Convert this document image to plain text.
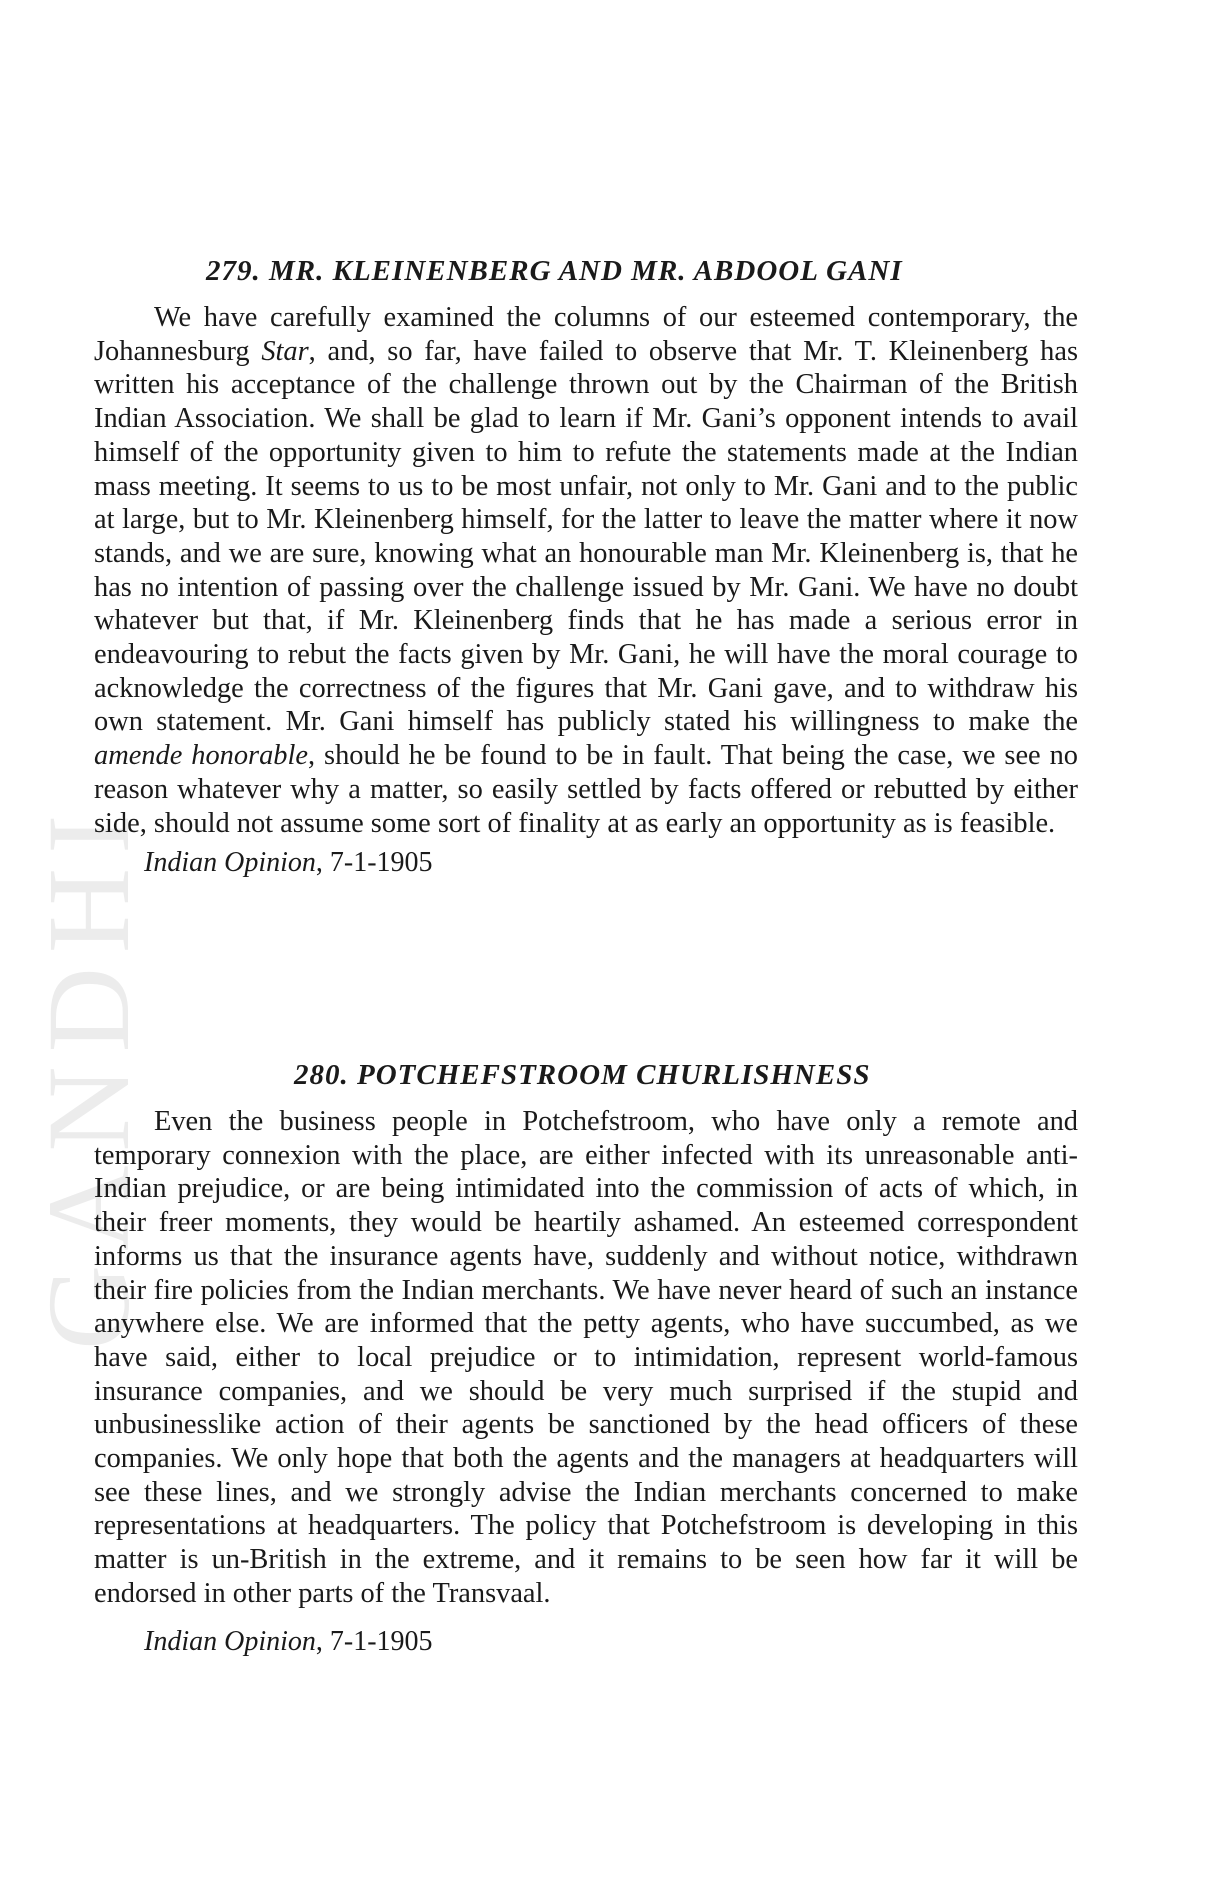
GANDHI
279. MR. KLEINENBERG AND MR. ABDOOL GANI

We have carefully examined the columns of our esteemed contemporary, the Johannesburg Star, and, so far, have failed to observe that Mr. T. Kleinenberg has written his acceptance of the challenge thrown out by the Chairman of the British Indian Association. We shall be glad to learn if Mr. Gani’s opponent intends to avail himself of the opportunity given to him to refute the statements made at the Indian mass meeting. It seems to us to be most unfair, not only to Mr. Gani and to the public at large, but to Mr. Kleinenberg himself, for the latter to leave the matter where it now stands, and we are sure, knowing what an honourable man Mr. Kleinenberg is, that he has no intention of passing over the challenge issued by Mr. Gani. We have no doubt whatever but that, if Mr. Kleinenberg finds that he has made a serious error in endeavouring to rebut the facts given by Mr. Gani, he will have the moral courage to acknowledge the correctness of the figures that Mr. Gani gave, and to withdraw his own statement. Mr. Gani himself has publicly stated his willingness to make the amende honorable, should he be found to be in fault. That being the case, we see no reason whatever why a matter, so easily settled by facts offered or rebutted by either side, should not assume some sort of finality at as early an opportunity as is feasible.

Indian Opinion, 7-1-1905
280. POTCHEFSTROOM CHURLISHNESS

Even the business people in Potchefstroom, who have only a remote and temporary connexion with the place, are either infected with its unreasonable anti-Indian prejudice, or are being intimidated into the commission of acts of which, in their freer moments, they would be heartily ashamed. An esteemed correspondent informs us that the insurance agents have, suddenly and without notice, withdrawn their fire policies from the Indian merchants. We have never heard of such an instance anywhere else. We are informed that the petty agents, who have succumbed, as we have said, either to local prejudice or to intimidation, represent world-famous insurance companies, and we should be very much surprised if the stupid and unbusinesslike action of their agents be sanctioned by the head officers of these companies. We only hope that both the agents and the managers at headquarters will see these lines, and we strongly advise the Indian merchants concerned to make representations at headquarters. The policy that Potchefstroom is developing in this matter is un-British in the extreme, and it remains to be seen how far it will be endorsed in other parts of the Transvaal.

Indian Opinion, 7-1-1905
